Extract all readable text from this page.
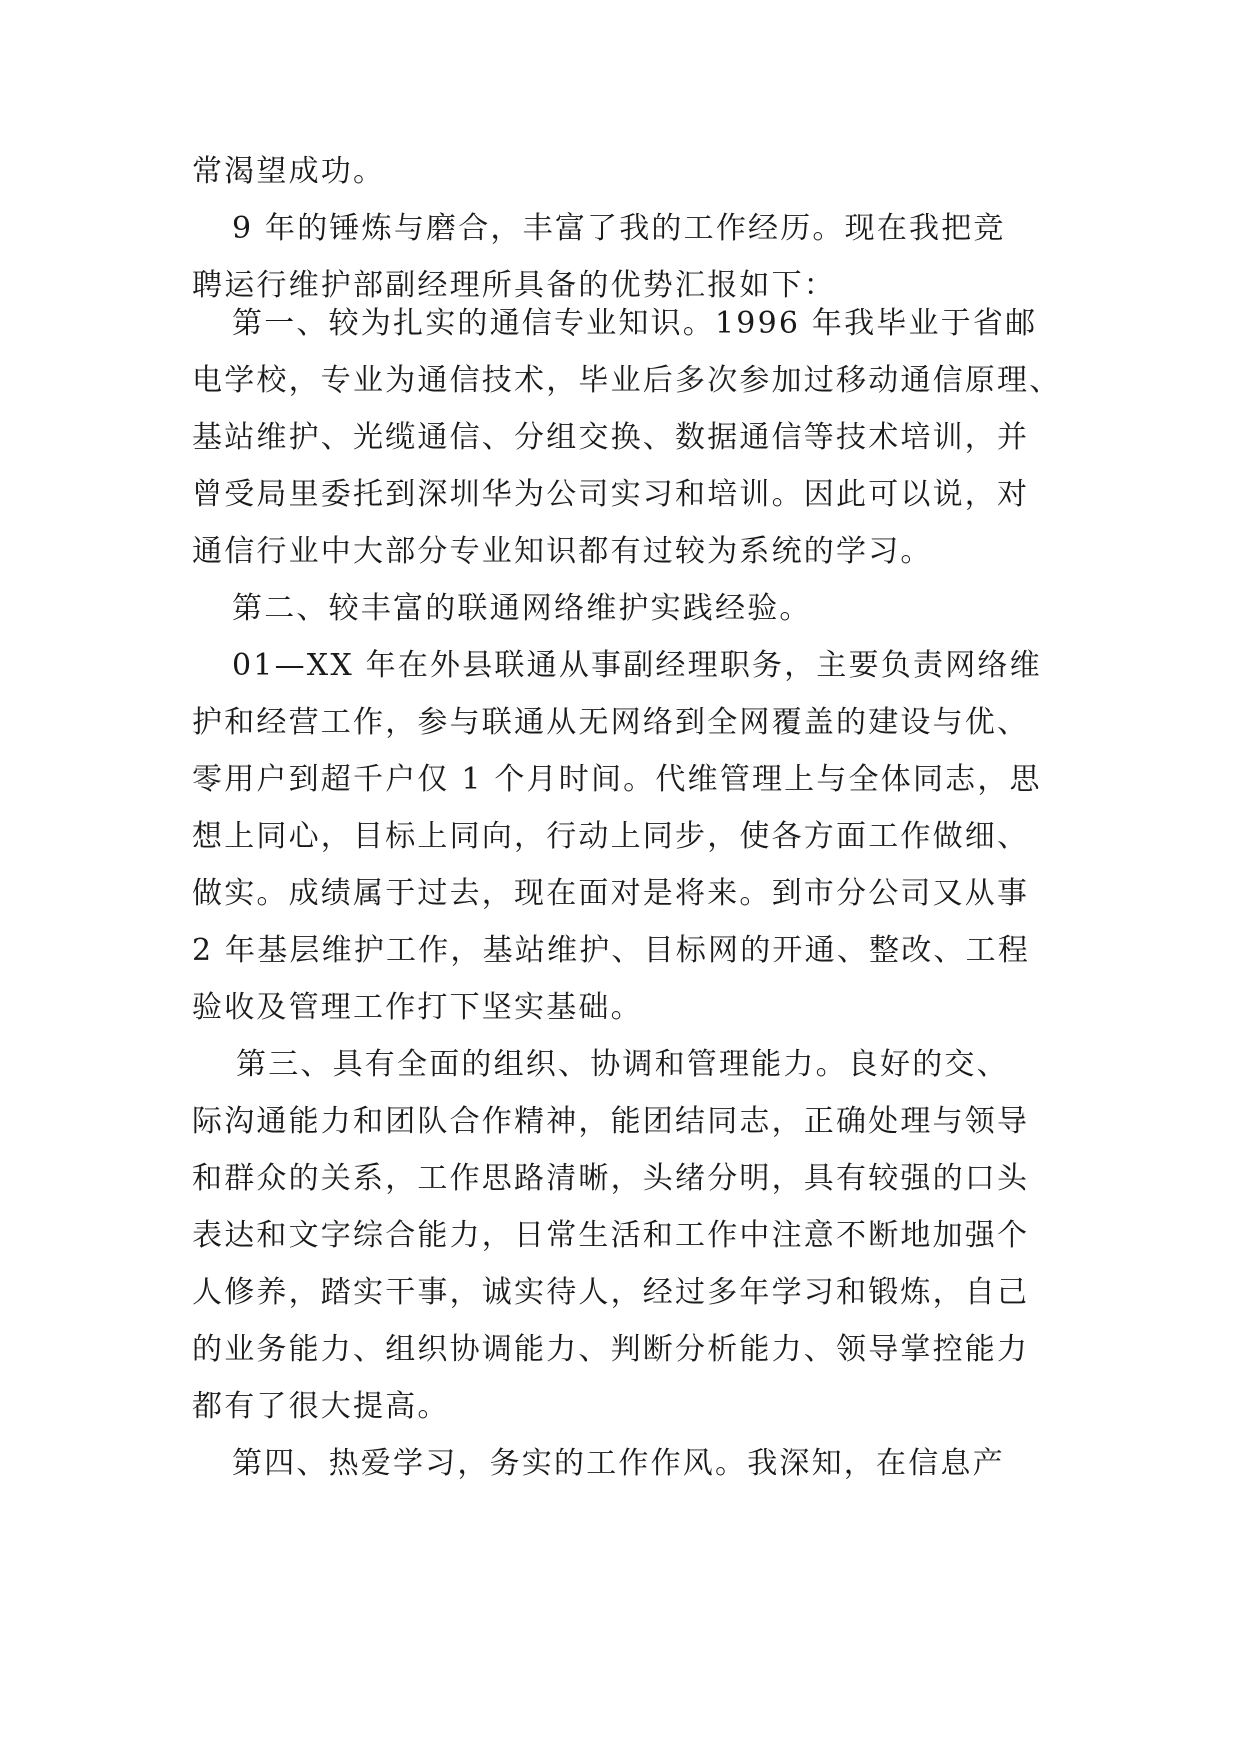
常渴望成功。
9 年的锤炼与磨合，丰富了我的工作经历。现在我把竞
聘运行维护部副经理所具备的优势汇报如下：
第一、较为扎实的通信专业知识。1996 年我毕业于省邮
电学校，专业为通信技术，毕业后多次参加过移动通信原理、
基站维护、光缆通信、分组交换、数据通信等技术培训，并
曾受局里委托到深圳华为公司实习和培训。因此可以说，对
通信行业中大部分专业知识都有过较为系统的学习。
第二、较丰富的联通网络维护实践经验。
01—XX 年在外县联通从事副经理职务，主要负责网络维
护和经营工作，参与联通从无网络到全网覆盖的建设与优、
零用户到超千户仅 1 个月时间。代维管理上与全体同志，思
想上同心，目标上同向，行动上同步，使各方面工作做细、
做实。成绩属于过去，现在面对是将来。到市分公司又从事
2 年基层维护工作，基站维护、目标网的开通、整改、工程
验收及管理工作打下坚实基础。
第三、具有全面的组织、协调和管理能力。良好的交、
际沟通能力和团队合作精神，能团结同志，正确处理与领导
和群众的关系，工作思路清晰，头绪分明，具有较强的口头
表达和文字综合能力，日常生活和工作中注意不断地加强个
人修养，踏实干事，诚实待人，经过多年学习和锻炼，自己
的业务能力、组织协调能力、判断分析能力、领导掌控能力
都有了很大提高。
第四、热爱学习，务实的工作作风。我深知，在信息产
